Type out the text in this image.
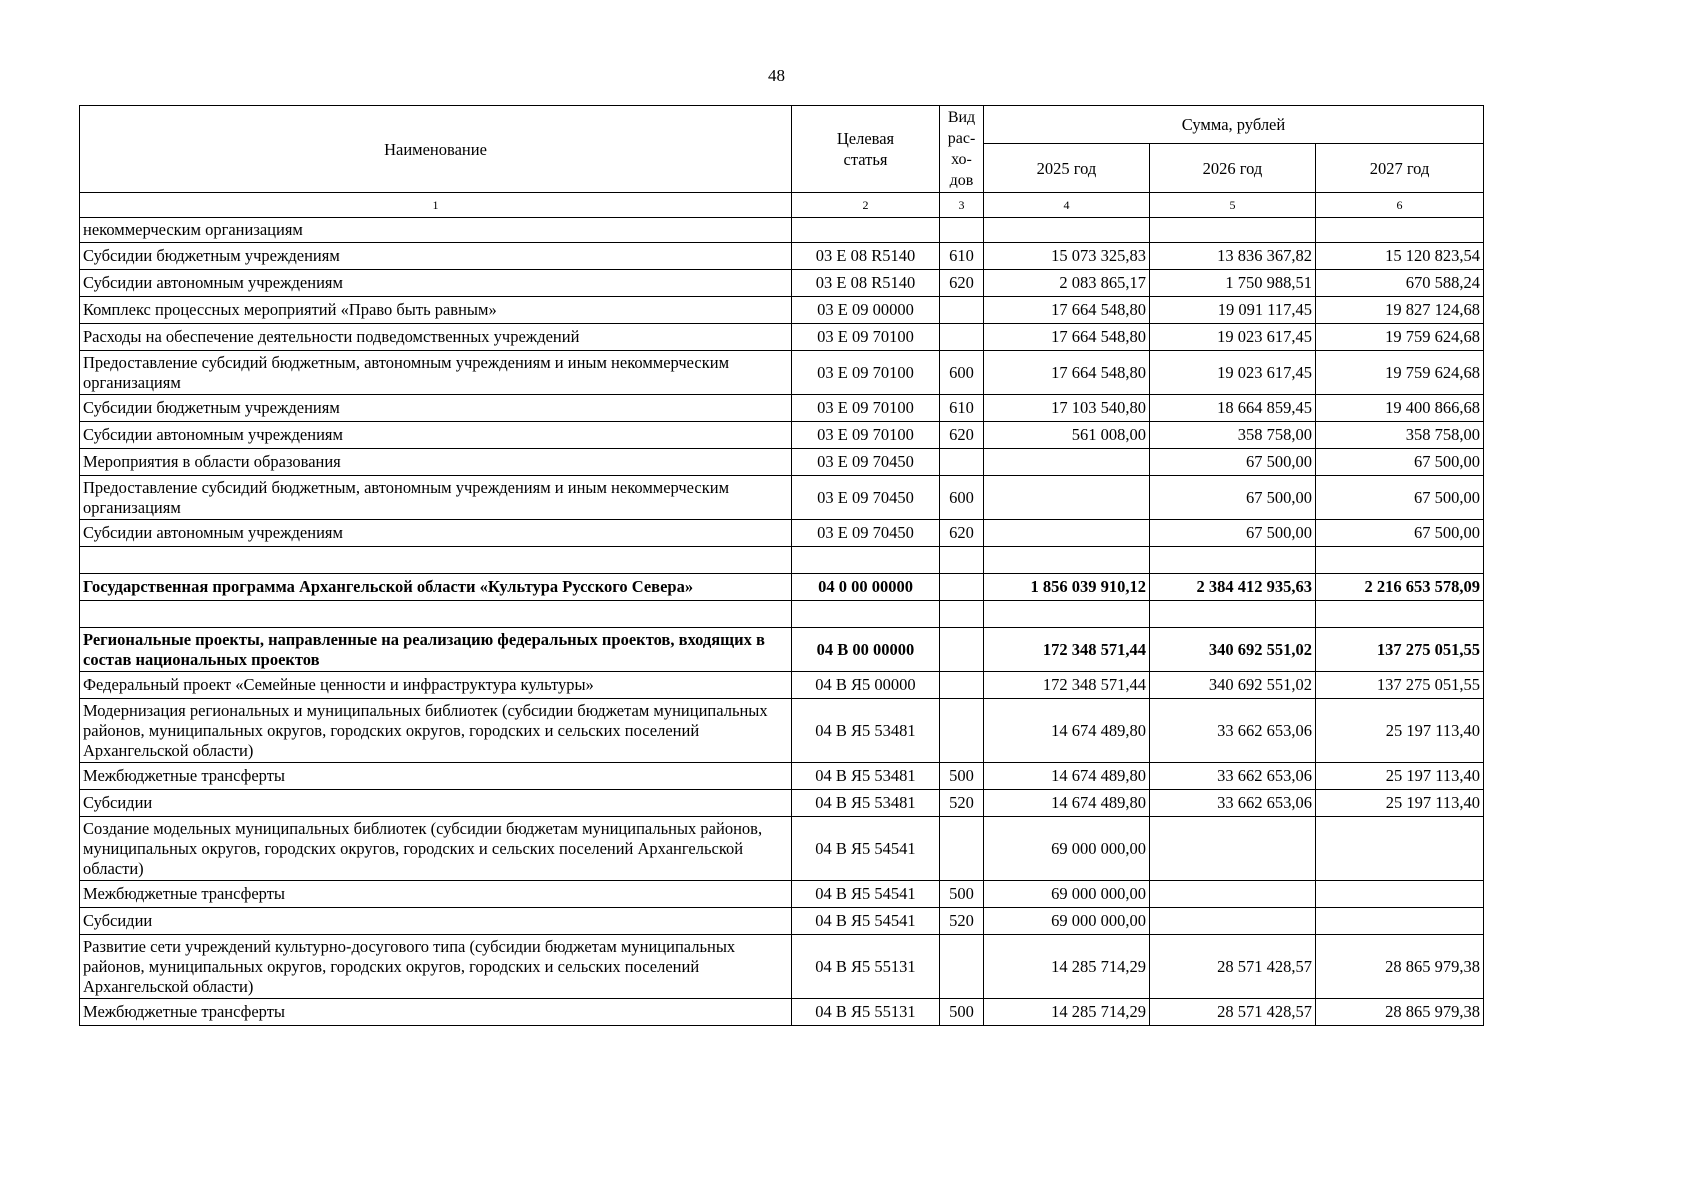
48
Наименование	Целевая статья	Вид рас-хо-дов	Сумма, рублей		
			2025 год	2026 год	2027 год
1	2	3	4	5	6
некоммерческим организациям					
Субсидии бюджетным учреждениям	03 Е 08 R5140	610	15 073 325,83	13 836 367,82	15 120 823,54
Субсидии автономным учреждениям	03 Е 08 R5140	620	2 083 865,17	1 750 988,51	670 588,24
Комплекс процессных мероприятий «Право быть равным»	03 Е 09 00000		17 664 548,80	19 091 117,45	19 827 124,68
Расходы на обеспечение деятельности подведомственных учреждений	03 Е 09 70100		17 664 548,80	19 023 617,45	19 759 624,68
Предоставление субсидий бюджетным, автономным учреждениям и иным некоммерческим организациям	03 Е 09 70100	600	17 664 548,80	19 023 617,45	19 759 624,68
Субсидии бюджетным учреждениям	03 Е 09 70100	610	17 103 540,80	18 664 859,45	19 400 866,68
Субсидии автономным учреждениям	03 Е 09 70100	620	561 008,00	358 758,00	358 758,00
Мероприятия в области образования	03 Е 09 70450			67 500,00	67 500,00
Предоставление субсидий бюджетным, автономным учреждениям и иным некоммерческим организациям	03 Е 09 70450	600		67 500,00	67 500,00
Субсидии автономным учреждениям	03 Е 09 70450	620		67 500,00	67 500,00

Государственная программа Архангельской области «Культура Русского Севера»	04 0 00 00000		1 856 039 910,12	2 384 412 935,63	2 216 653 578,09

Региональные проекты, направленные на реализацию федеральных проектов, входящих в состав национальных проектов	04 В 00 00000		172 348 571,44	340 692 551,02	137 275 051,55
Федеральный проект «Семейные ценности и инфраструктура культуры»	04 В Я5 00000		172 348 571,44	340 692 551,02	137 275 051,55
Модернизация региональных и муниципальных библиотек (субсидии бюджетам муниципальных районов, муниципальных округов, городских округов, городских и сельских поселений Архангельской области)	04 В Я5 53481		14 674 489,80	33 662 653,06	25 197 113,40
Межбюджетные трансферты	04 В Я5 53481	500	14 674 489,80	33 662 653,06	25 197 113,40
Субсидии	04 В Я5 53481	520	14 674 489,80	33 662 653,06	25 197 113,40
Создание модельных муниципальных библиотек (субсидии бюджетам муниципальных районов, муниципальных округов, городских округов, городских и сельских поселений Архангельской области)	04 В Я5 54541		69 000 000,00		
Межбюджетные трансферты	04 В Я5 54541	500	69 000 000,00		
Субсидии	04 В Я5 54541	520	69 000 000,00		
Развитие сети учреждений культурно-досугового типа (субсидии бюджетам муниципальных районов, муниципальных округов, городских округов, городских и сельских поселений Архангельской области)	04 В Я5 55131		14 285 714,29	28 571 428,57	28 865 979,38
Межбюджетные трансферты	04 В Я5 55131	500	14 285 714,29	28 571 428,57	28 865 979,38
